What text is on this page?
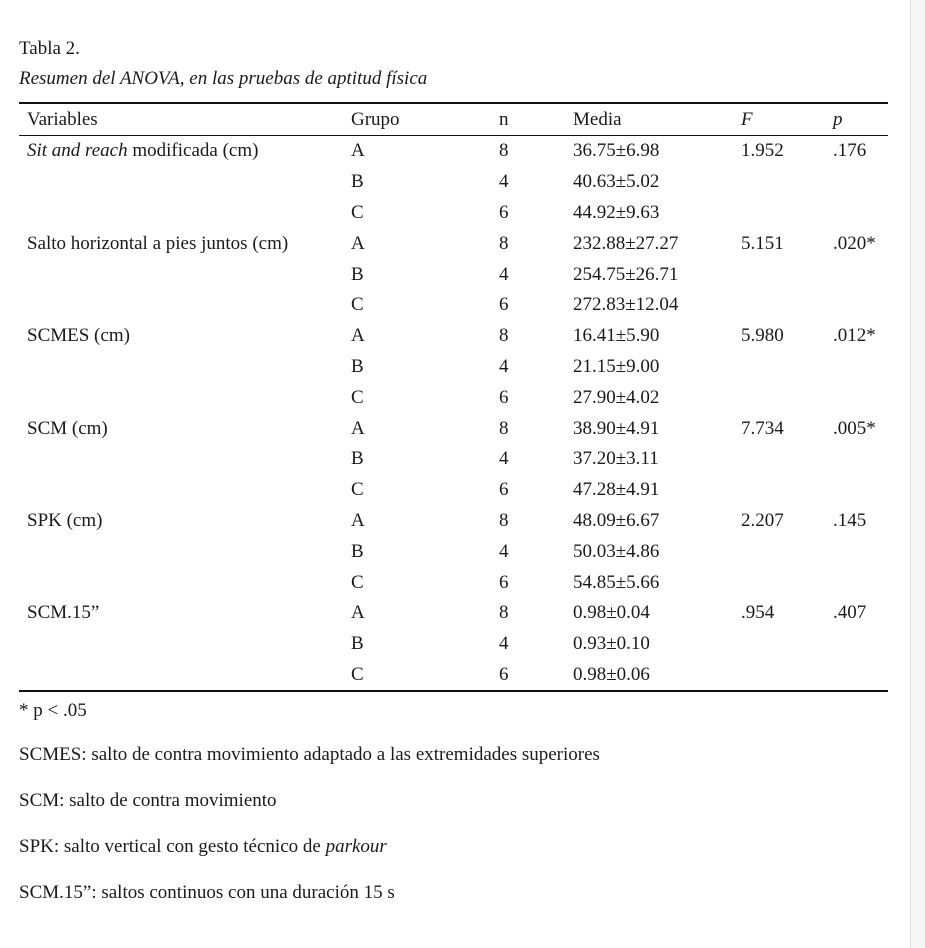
Tabla 2.
Resumen del ANOVA, en las pruebas de aptitud física
Variables	Grupo	n	Media	F	p
Sit and reach modificada (cm)	A	8	36.75±6.98	1.952	.176
	B	4	40.63±5.02		
	C	6	44.92±9.63		
Salto horizontal a pies juntos (cm)	A	8	232.88±27.27	5.151	.020*
	B	4	254.75±26.71		
	C	6	272.83±12.04		
SCMES (cm)	A	8	16.41±5.90	5.980	.012*
	B	4	21.15±9.00		
	C	6	27.90±4.02		
SCM (cm)	A	8	38.90±4.91	7.734	.005*
	B	4	37.20±3.11		
	C	6	47.28±4.91		
SPK (cm)	A	8	48.09±6.67	2.207	.145
	B	4	50.03±4.86		
	C	6	54.85±5.66		
SCM.15”	A	8	0.98±0.04	.954	.407
	B	4	0.93±0.10		
	C	6	0.98±0.06		
* p < .05
SCMES: salto de contra movimiento adaptado a las extremidades superiores
SCM: salto de contra movimiento
SPK: salto vertical con gesto técnico de parkour
SCM.15”: saltos continuos con una duración 15 s
